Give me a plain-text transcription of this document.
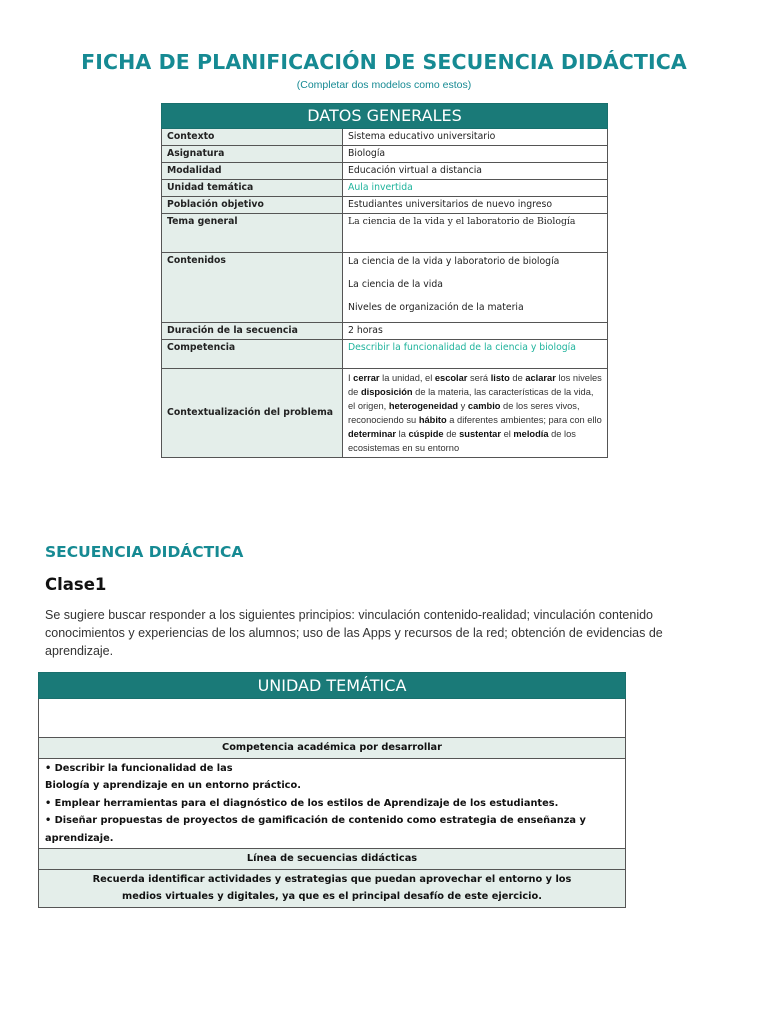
FICHA DE PLANIFICACIÓN DE SECUENCIA DIDÁCTICA
(Completar dos modelos como estos)
DATOS GENERALES	
Contexto	Sistema educativo universitario
Asignatura	Biología
Modalidad	Educación virtual a distancia
Unidad temática	Aula invertida
Población objetivo	Estudiantes universitarios de nuevo ingreso
Tema general	La ciencia de la vida y el laboratorio de Biología
Contenidos	La ciencia de la vida y laboratorio de biología

La ciencia de la vida

Niveles de organización de la materia

Duración de la secuencia	2 horas
Competencia	Describir la funcionalidad de la ciencia y biología
Contextualización del problema	I cerrar la unidad, el escolar será listo de aclarar los niveles de disposición de la materia, las características de la vida, el origen, heterogeneidad y cambio de los seres vivos, reconociendo su hábito a diferentes ambientes; para con ello determinar la cúspide de sustentar el melodía de los ecosistemas en su entorno
SECUENCIA DIDÁCTICA
Clase1
Se sugiere buscar responder a los siguientes principios: vinculación contenido-realidad; vinculación contenido conocimientos y experiencias de los alumnos; uso de las Apps y recursos de la red; obtención de evidencias de aprendizaje.
UNIDAD TEMÁTICA

Competencia académica por desarrollar

• Describir la funcionalidad de las
Biología y aprendizaje en un entorno práctico.
• Emplear herramientas para el diagnóstico de los estilos de Aprendizaje de los estudiantes.
• Diseñar propuestas de proyectos de gamificación de contenido como estrategia de enseñanza y aprendizaje.

Línea de secuencias didácticas
Recuerda identificar actividades y estrategias que puedan aprovechar el entorno y los medios virtuales y digitales, ya que es el principal desafío de este ejercicio.
